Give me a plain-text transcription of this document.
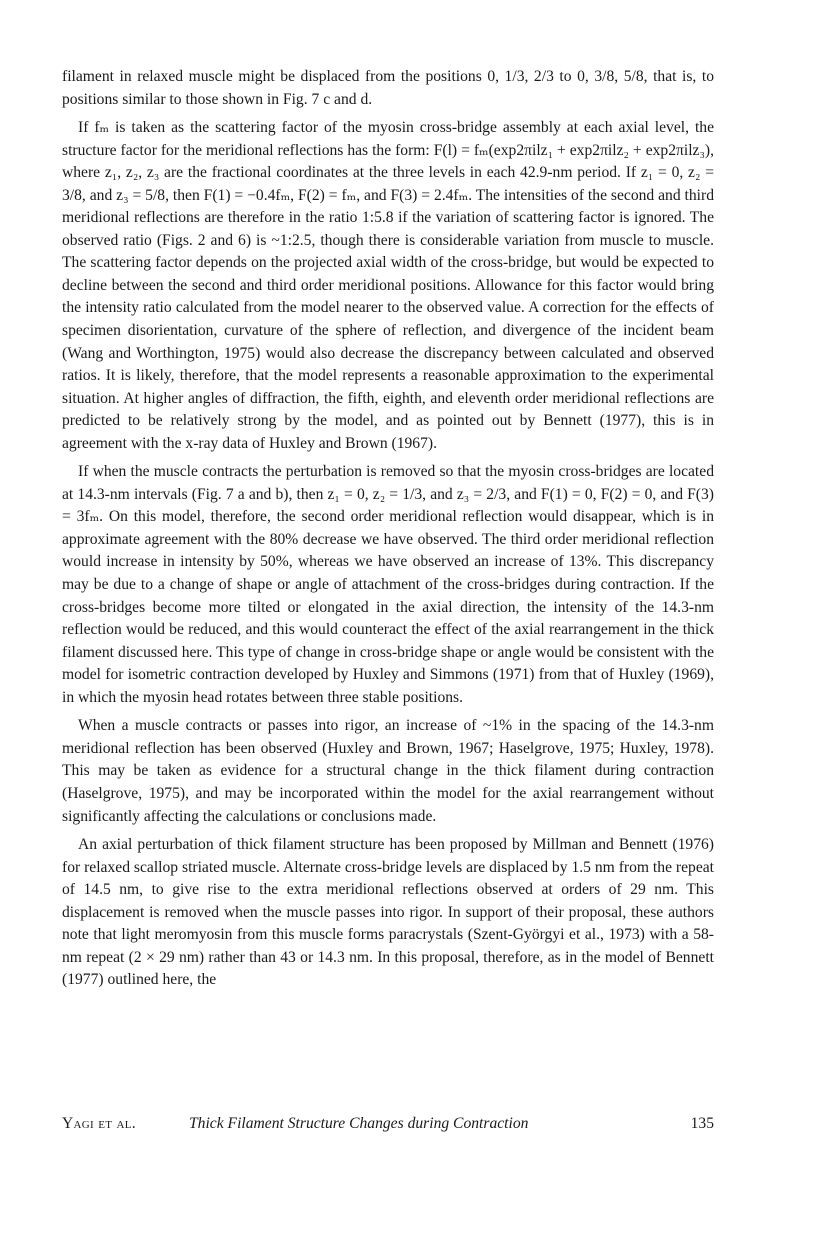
filament in relaxed muscle might be displaced from the positions 0, 1/3, 2/3 to 0, 3/8, 5/8, that is, to positions similar to those shown in Fig. 7 c and d.

If fₘ is taken as the scattering factor of the myosin cross-bridge assembly at each axial level, the structure factor for the meridional reflections has the form: F(l) = fₘ(exp2πilz₁ + exp2πilz₂ + exp2πilz₃), where z₁, z₂, z₃ are the fractional coordinates at the three levels in each 42.9-nm period. If z₁ = 0, z₂ = 3/8, and z₃ = 5/8, then F(1) = −0.4fₘ, F(2) = fₘ, and F(3) = 2.4fₘ. The intensities of the second and third meridional reflections are therefore in the ratio 1:5.8 if the variation of scattering factor is ignored. The observed ratio (Figs. 2 and 6) is ~1:2.5, though there is considerable variation from muscle to muscle. The scattering factor depends on the projected axial width of the cross-bridge, but would be expected to decline between the second and third order meridional positions. Allowance for this factor would bring the intensity ratio calculated from the model nearer to the observed value. A correction for the effects of specimen disorientation, curvature of the sphere of reflection, and divergence of the incident beam (Wang and Worthington, 1975) would also decrease the discrepancy between calculated and observed ratios. It is likely, therefore, that the model represents a reasonable approximation to the experimental situation. At higher angles of diffraction, the fifth, eighth, and eleventh order meridional reflections are predicted to be relatively strong by the model, and as pointed out by Bennett (1977), this is in agreement with the x-ray data of Huxley and Brown (1967).

If when the muscle contracts the perturbation is removed so that the myosin cross-bridges are located at 14.3-nm intervals (Fig. 7 a and b), then z₁ = 0, z₂ = 1/3, and z₃ = 2/3, and F(1) = 0, F(2) = 0, and F(3) = 3fₘ. On this model, therefore, the second order meridional reflection would disappear, which is in approximate agreement with the 80% decrease we have observed. The third order meridional reflection would increase in intensity by 50%, whereas we have observed an increase of 13%. This discrepancy may be due to a change of shape or angle of attachment of the cross-bridges during contraction. If the cross-bridges become more tilted or elongated in the axial direction, the intensity of the 14.3-nm reflection would be reduced, and this would counteract the effect of the axial rearrangement in the thick filament discussed here. This type of change in cross-bridge shape or angle would be consistent with the model for isometric contraction developed by Huxley and Simmons (1971) from that of Huxley (1969), in which the myosin head rotates between three stable positions.

When a muscle contracts or passes into rigor, an increase of ~1% in the spacing of the 14.3-nm meridional reflection has been observed (Huxley and Brown, 1967; Haselgrove, 1975; Huxley, 1978). This may be taken as evidence for a structural change in the thick filament during contraction (Haselgrove, 1975), and may be incorporated within the model for the axial rearrangement without significantly affecting the calculations or conclusions made.

An axial perturbation of thick filament structure has been proposed by Millman and Bennett (1976) for relaxed scallop striated muscle. Alternate cross-bridge levels are displaced by 1.5 nm from the repeat of 14.5 nm, to give rise to the extra meridional reflections observed at orders of 29 nm. This displacement is removed when the muscle passes into rigor. In support of their proposal, these authors note that light meromyosin from this muscle forms paracrystals (Szent-Györgyi et al., 1973) with a 58-nm repeat (2 × 29 nm) rather than 43 or 14.3 nm. In this proposal, therefore, as in the model of Bennett (1977) outlined here, the

Yagi et al.	Thick Filament Structure Changes during Contraction	135
